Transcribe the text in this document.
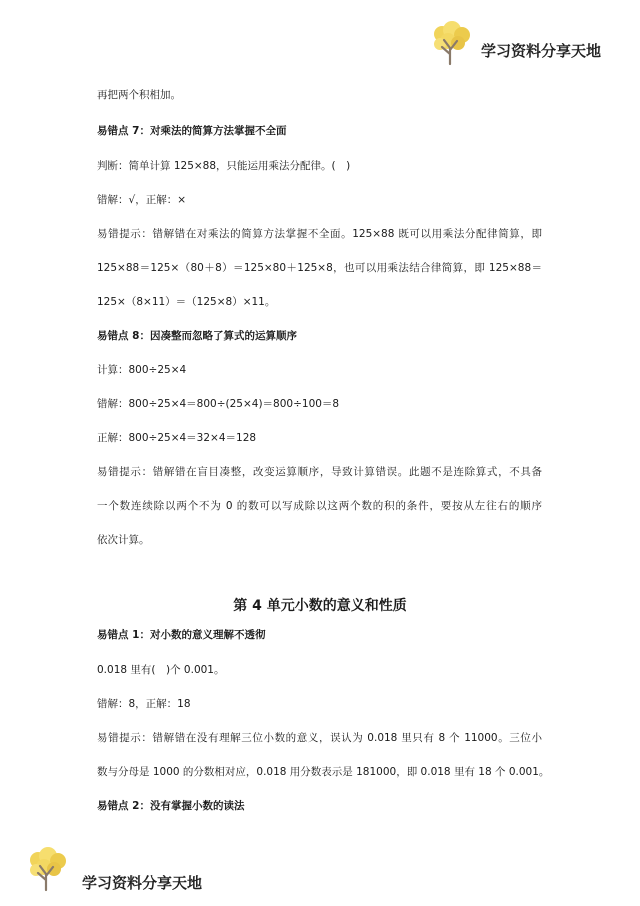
学习资料分享天地
再把两个积相加。
易错点 7：对乘法的简算方法掌握不全面
判断：简单计算 125×88，只能运用乘法分配律。(　)
错解：√，正解：×
易错提示：错解错在对乘法的简算方法掌握不全面。125×88 既可以用乘法分配律简算，即
125×88＝125×（80＋8）＝125×80＋125×8，也可以用乘法结合律简算，即 125×88＝
125×（8×11）＝（125×8）×11。
易错点 8：因凑整而忽略了算式的运算顺序
计算：800÷25×4
错解：800÷25×4＝800÷(25×4)＝800÷100＝8
正解：800÷25×4＝32×4＝128
易错提示：错解错在盲目凑整，改变运算顺序，导致计算错误。此题不是连除算式，不具备
一个数连续除以两个不为 0 的数可以写成除以这两个数的积的条件，要按从左往右的顺序
依次计算。
第 4 单元小数的意义和性质
易错点 1：对小数的意义理解不透彻
0.018 里有(　)个 0.001。
错解：8，正解：18
易错提示：错解错在没有理解三位小数的意义，误认为 0.018 里只有 8 个 11000。三位小
数与分母是 1000 的分数相对应，0.018 用分数表示是 181000，即 0.018 里有 18 个 0.001。
易错点 2：没有掌握小数的读法
学习资料分享天地
